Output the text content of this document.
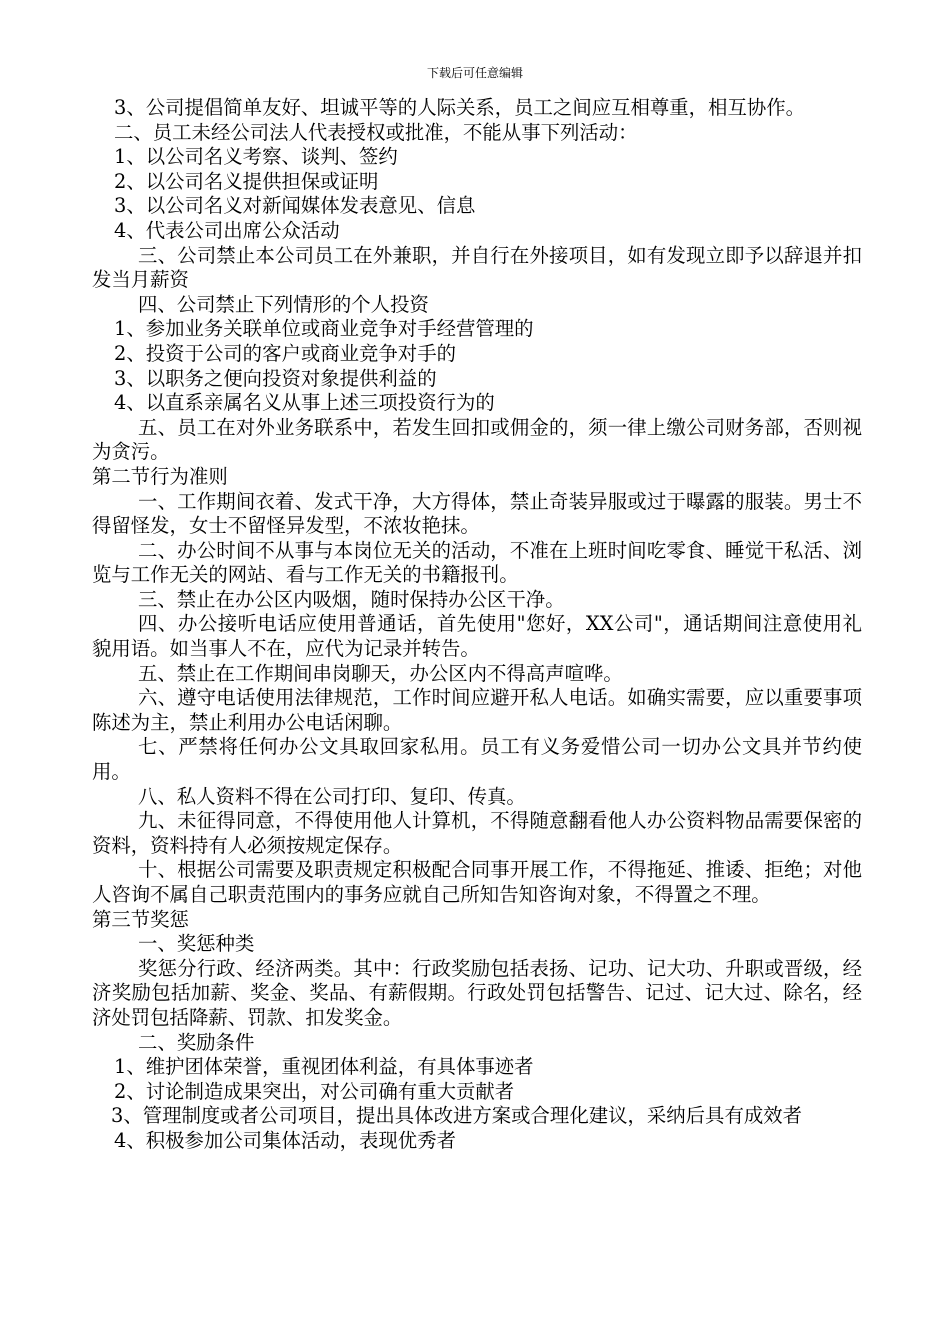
下载后可任意编辑

3、公司提倡简单友好、坦诚平等的人际关系，员工之间应互相尊重，相互协作。

二、员工未经公司法人代表授权或批准，不能从事下列活动：

1、以公司名义考察、谈判、签约

2、以公司名义提供担保或证明

3、以公司名义对新闻媒体发表意见、信息

4、代表公司出席公众活动

三、公司禁止本公司员工在外兼职，并自行在外接项目，如有发现立即予以辞退并扣发当月薪资

四、公司禁止下列情形的个人投资

1、参加业务关联单位或商业竞争对手经营管理的

2、投资于公司的客户或商业竞争对手的

3、以职务之便向投资对象提供利益的

4、以直系亲属名义从事上述三项投资行为的

五、员工在对外业务联系中，若发生回扣或佣金的，须一律上缴公司财务部，否则视为贪污。

第二节行为准则

一、工作期间衣着、发式干净，大方得体，禁止奇装异服或过于曝露的服装。男士不得留怪发，女士不留怪异发型，不浓妆艳抹。

二、办公时间不从事与本岗位无关的活动，不准在上班时间吃零食、睡觉干私活、浏览与工作无关的网站、看与工作无关的书籍报刊。

三、禁止在办公区内吸烟，随时保持办公区干净。

四、办公接听电话应使用普通话，首先使用"您好，XX公司"，通话期间注意使用礼貌用语。如当事人不在，应代为记录并转告。

五、禁止在工作期间串岗聊天，办公区内不得高声喧哗。

六、遵守电话使用法律规范，工作时间应避开私人电话。如确实需要，应以重要事项陈述为主，禁止利用办公电话闲聊。

七、严禁将任何办公文具取回家私用。员工有义务爱惜公司一切办公文具并节约使用。

八、私人资料不得在公司打印、复印、传真。

九、未征得同意，不得使用他人计算机，不得随意翻看他人办公资料物品需要保密的资料，资料持有人必须按规定保存。

十、根据公司需要及职责规定积极配合同事开展工作，不得拖延、推诿、拒绝；对他人咨询不属自己职责范围内的事务应就自己所知告知咨询对象，不得置之不理。

第三节奖惩

一、奖惩种类

奖惩分行政、经济两类。其中：行政奖励包括表扬、记功、记大功、升职或晋级，经济奖励包括加薪、奖金、奖品、有薪假期。行政处罚包括警告、记过、记大过、除名，经济处罚包括降薪、罚款、扣发奖金。

二、奖励条件

1、维护团体荣誉，重视团体利益，有具体事迹者

2、讨论制造成果突出，对公司确有重大贡献者

3、管理制度或者公司项目，提出具体改进方案或合理化建议，采纳后具有成效者

4、积极参加公司集体活动，表现优秀者
